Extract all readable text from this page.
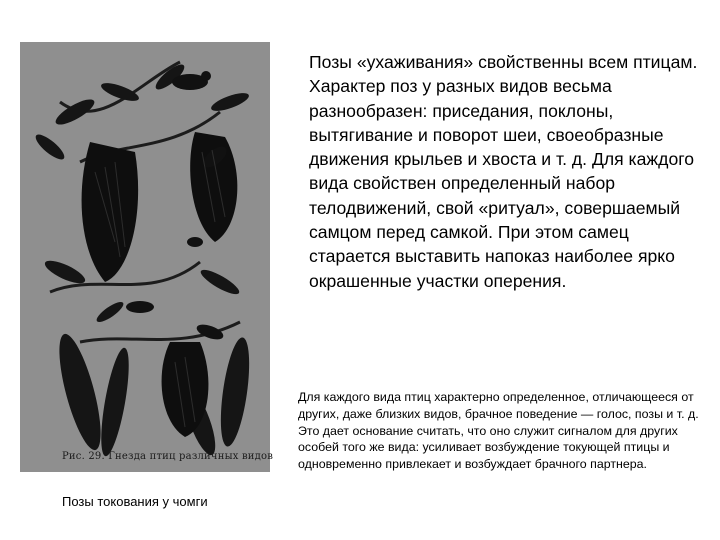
Рис. 29. Гнезда птиц различных видов

Позы «ухаживания» свойственны всем птицам. Характер поз у разных видов весьма разнообразен: приседания, поклоны, вытягивание и поворот шеи, своеобразные движения крыльев и хвоста и т. д. Для каждого вида свойствен определенный набор телодвижений, свой «ритуал», совершаемый самцом перед самкой. При этом самец старается выставить напоказ наиболее ярко окрашенные участки оперения.

Позы токования у чомги

Для каждого вида птиц характерно определенное, отличающееся от других, даже близких видов, брачное поведение — голос, позы и т. д. Это дает основание считать, что оно служит сигналом для других особей того же вида: усиливает возбуждение токующей птицы и одновременно привлекает и возбуждает брачного партнера.
